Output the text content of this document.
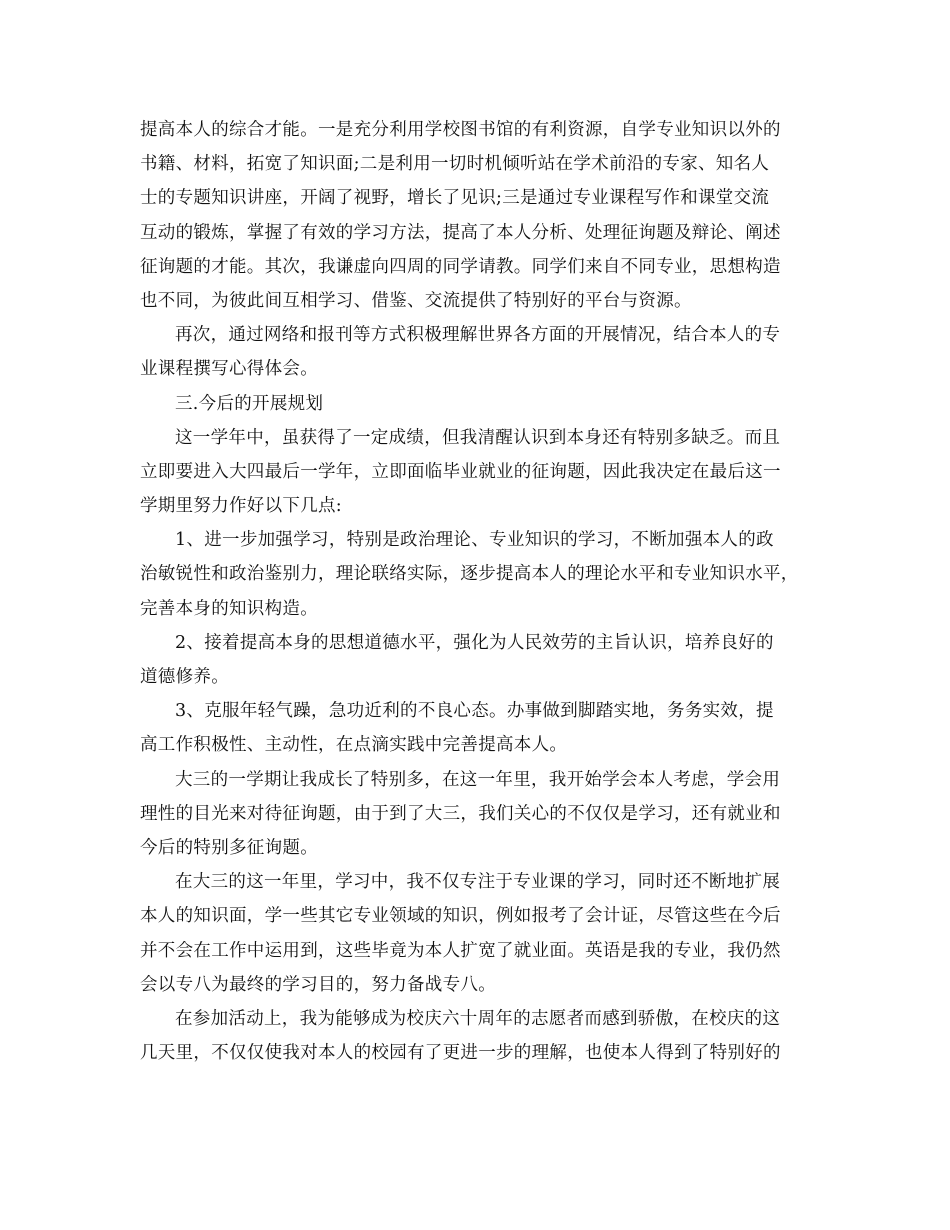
提高本人的综合才能。一是充分利用学校图书馆的有利资源，自学专业知识以外的
书籍、材料，拓宽了知识面;二是利用一切时机倾听站在学术前沿的专家、知名人
士的专题知识讲座，开阔了视野，增长了见识;三是通过专业课程写作和课堂交流
互动的锻炼，掌握了有效的学习方法，提高了本人分析、处理征询题及辩论、阐述
征询题的才能。其次，我谦虚向四周的同学请教。同学们来自不同专业，思想构造
也不同，为彼此间互相学习、借鉴、交流提供了特别好的平台与资源。
再次，通过网络和报刊等方式积极理解世界各方面的开展情况，结合本人的专
业课程撰写心得体会。
三.今后的开展规划
这一学年中，虽获得了一定成绩，但我清醒认识到本身还有特别多缺乏。而且
立即要进入大四最后一学年，立即面临毕业就业的征询题，因此我决定在最后这一
学期里努力作好以下几点:
1、进一步加强学习，特别是政治理论、专业知识的学习，不断加强本人的政
治敏锐性和政治鉴别力，理论联络实际，逐步提高本人的理论水平和专业知识水平，
完善本身的知识构造。
2、接着提高本身的思想道德水平，强化为人民效劳的主旨认识，培养良好的
道德修养。
3、克服年轻气躁，急功近利的不良心态。办事做到脚踏实地，务务实效，提
高工作积极性、主动性，在点滴实践中完善提高本人。
大三的一学期让我成长了特别多，在这一年里，我开始学会本人考虑，学会用
理性的目光来对待征询题，由于到了大三，我们关心的不仅仅是学习，还有就业和
今后的特别多征询题。
在大三的这一年里，学习中，我不仅专注于专业课的学习，同时还不断地扩展
本人的知识面，学一些其它专业领域的知识，例如报考了会计证，尽管这些在今后
并不会在工作中运用到，这些毕竟为本人扩宽了就业面。英语是我的专业，我仍然
会以专八为最终的学习目的，努力备战专八。
在参加活动上，我为能够成为校庆六十周年的志愿者而感到骄傲，在校庆的这
几天里，不仅仅使我对本人的校园有了更进一步的理解，也使本人得到了特别好的
